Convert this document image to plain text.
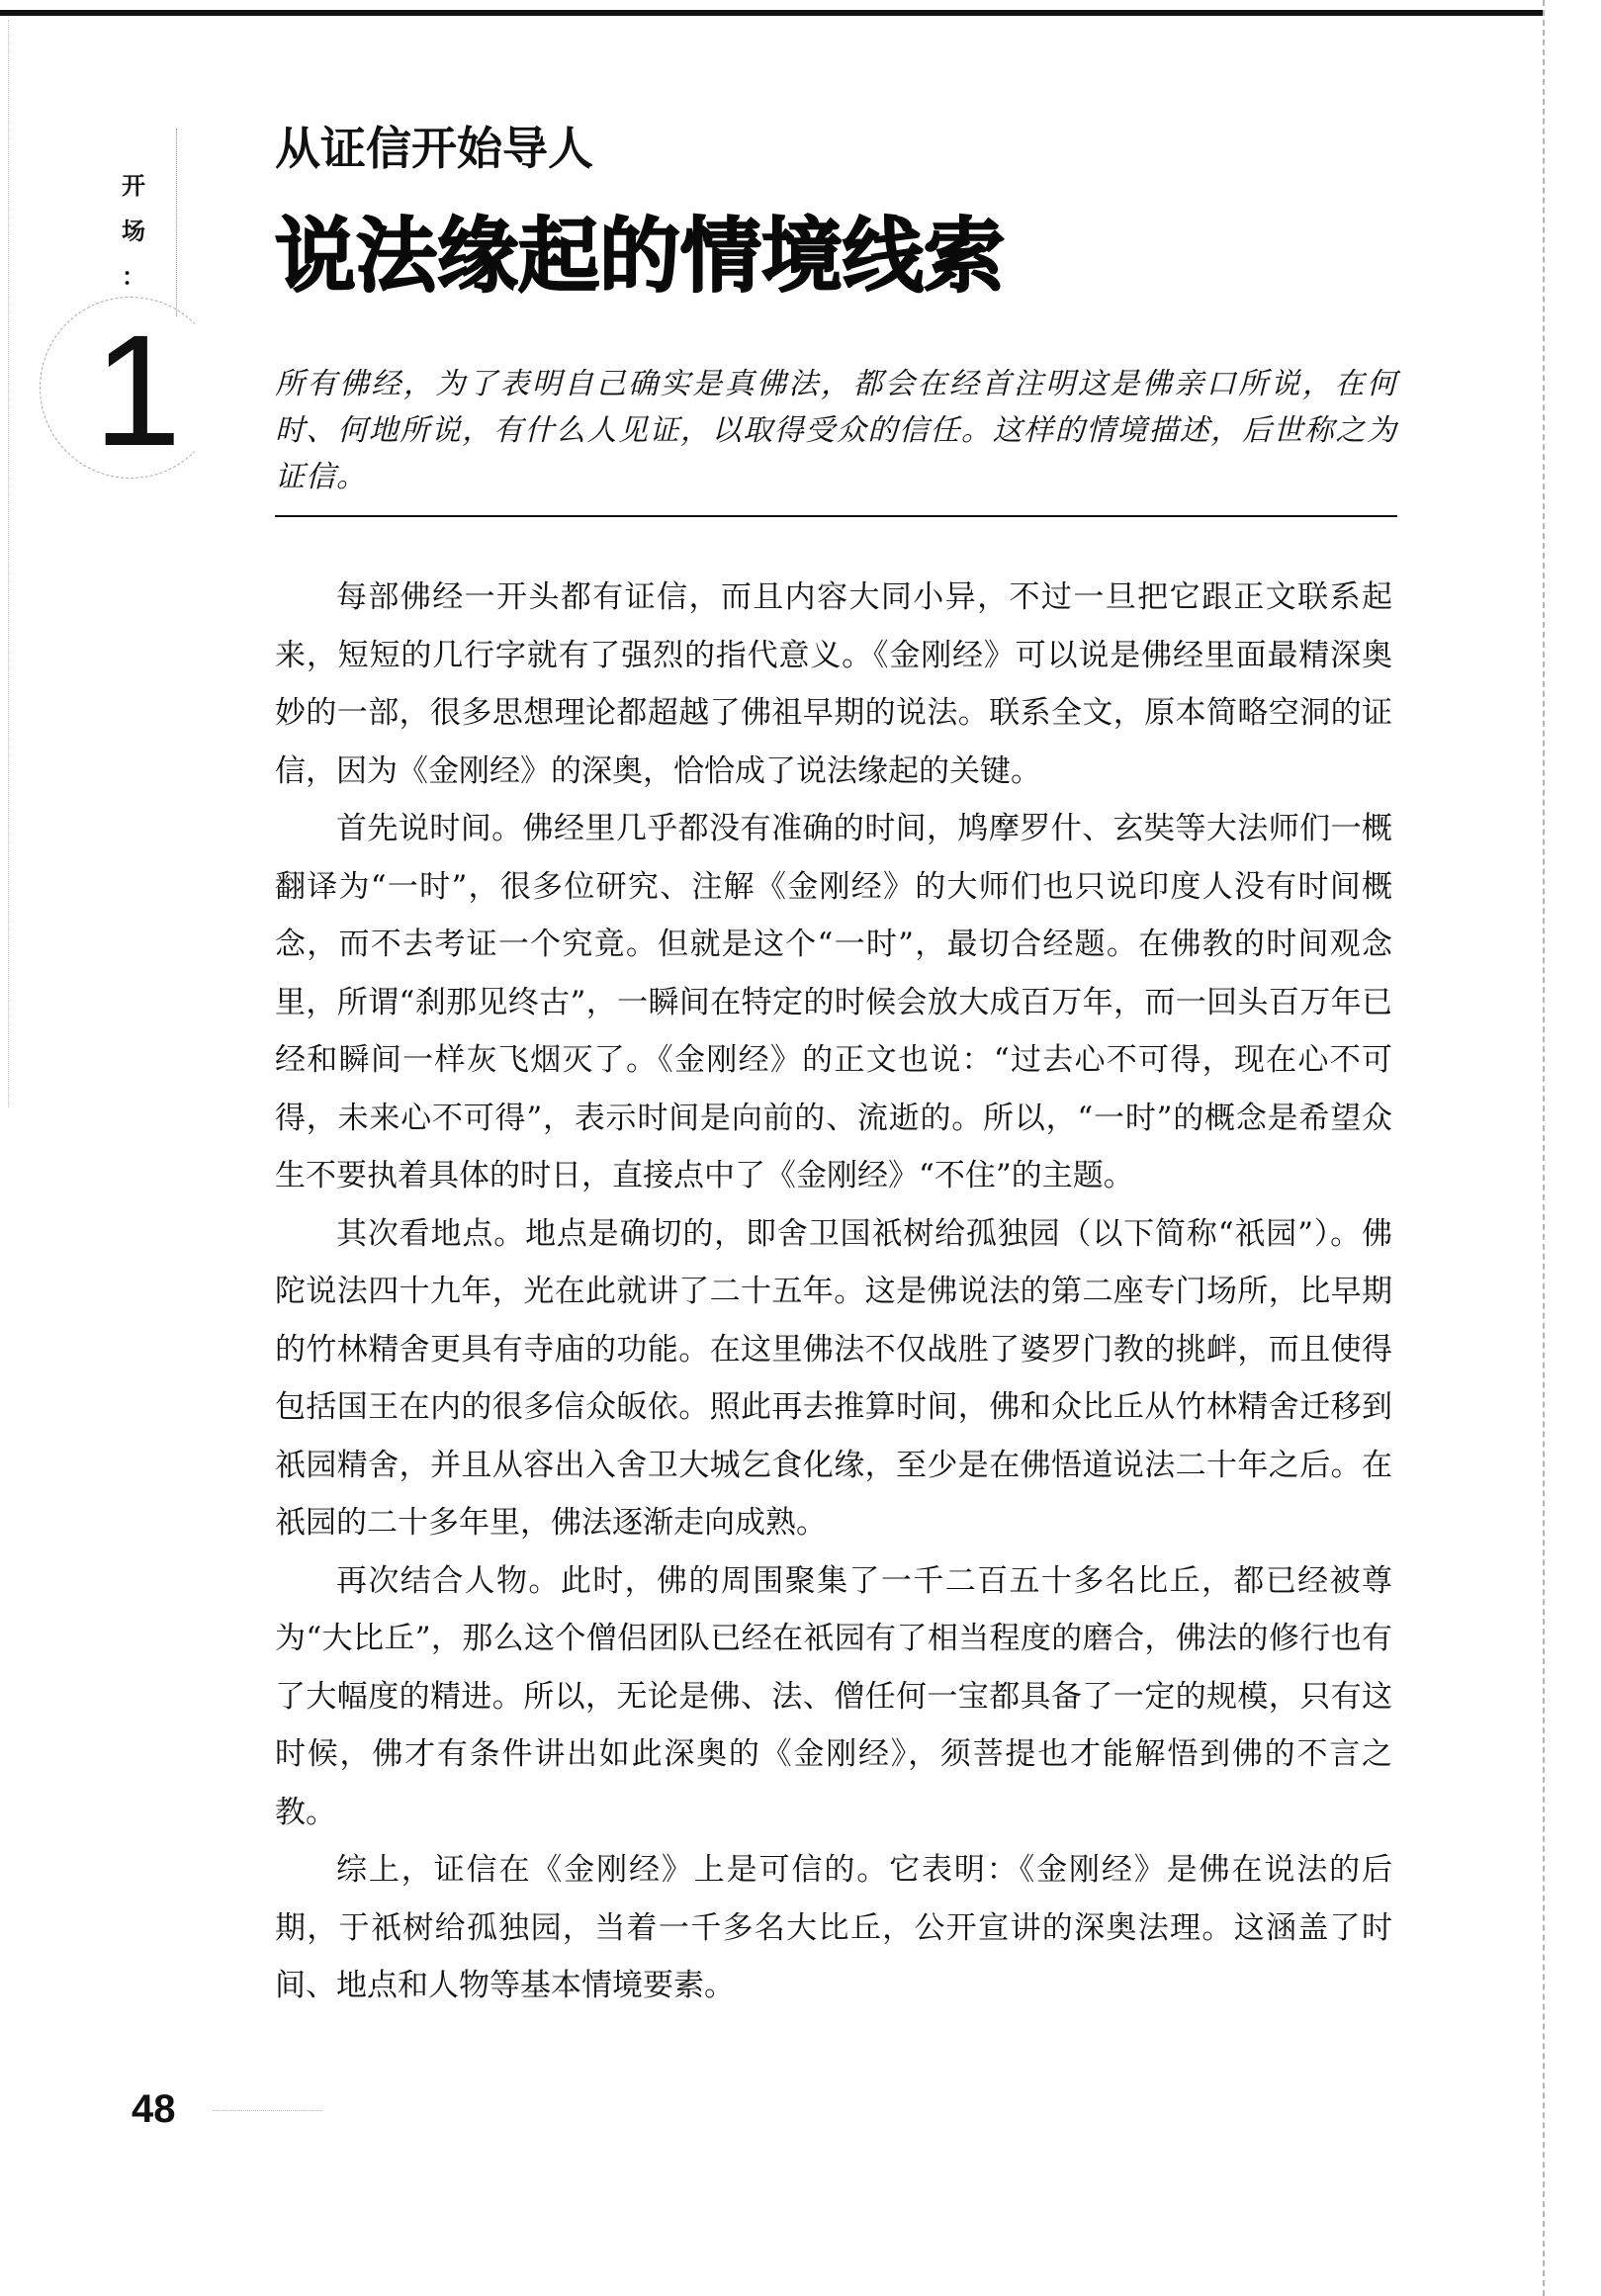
开
场
：
1
从证信开始导人
说法缘起的情境线索
所有佛经，为了表明自己确实是真佛法，都会在经首注明这是佛亲口所说，在何时、何地所说，有什么人见证，以取得受众的信任。这样的情境描述，后世称之为证信。

每部佛经一开头都有证信，而且内容大同小异，不过一旦把它跟正文联系起来，短短的几行字就有了强烈的指代意义。《金刚经》可以说是佛经里面最精深奥妙的一部，很多思想理论都超越了佛祖早期的说法。联系全文，原本简略空洞的证信，因为《金刚经》的深奥，恰恰成了说法缘起的关键。

首先说时间。佛经里几乎都没有准确的时间，鸠摩罗什、玄奘等大法师们一概翻译为“一时”，很多位研究、注解《金刚经》的大师们也只说印度人没有时间概念，而不去考证一个究竟。但就是这个“一时”，最切合经题。在佛教的时间观念里，所谓“刹那见终古”，一瞬间在特定的时候会放大成百万年，而一回头百万年已经和瞬间一样灰飞烟灭了。《金刚经》的正文也说：“过去心不可得，现在心不可得，未来心不可得”，表示时间是向前的、流逝的。所以，“一时”的概念是希望众生不要执着具体的时日，直接点中了《金刚经》“不住”的主题。

其次看地点。地点是确切的，即舍卫国祇树给孤独园（以下简称“祇园”）。佛陀说法四十九年，光在此就讲了二十五年。这是佛说法的第二座专门场所，比早期的竹林精舍更具有寺庙的功能。在这里佛法不仅战胜了婆罗门教的挑衅，而且使得包括国王在内的很多信众皈依。照此再去推算时间，佛和众比丘从竹林精舍迁移到祇园精舍，并且从容出入舍卫大城乞食化缘，至少是在佛悟道说法二十年之后。在祇园的二十多年里，佛法逐渐走向成熟。

再次结合人物。此时，佛的周围聚集了一千二百五十多名比丘，都已经被尊为“大比丘”，那么这个僧侣团队已经在祇园有了相当程度的磨合，佛法的修行也有了大幅度的精进。所以，无论是佛、法、僧任何一宝都具备了一定的规模，只有这时候，佛才有条件讲出如此深奥的《金刚经》，须菩提也才能解悟到佛的不言之教。

综上，证信在《金刚经》上是可信的。它表明：《金刚经》是佛在说法的后期，于祇树给孤独园，当着一千多名大比丘，公开宣讲的深奥法理。这涵盖了时间、地点和人物等基本情境要素。

48
